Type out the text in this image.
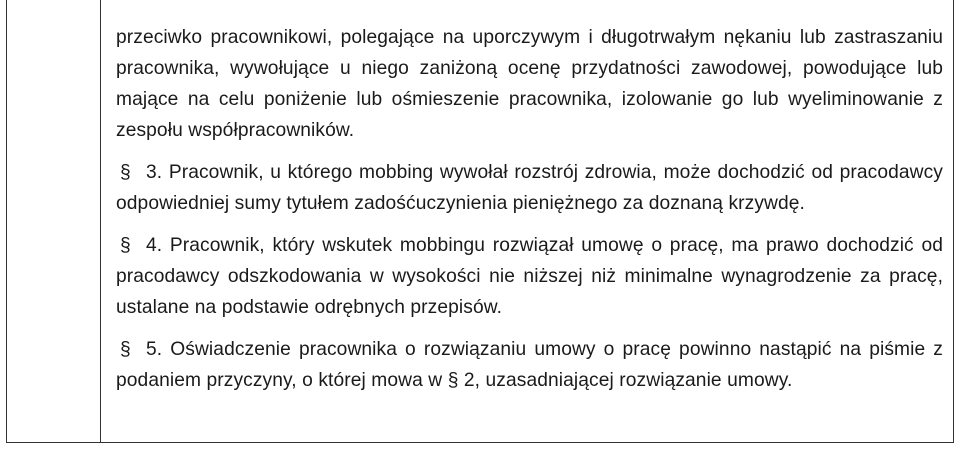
przeciwko pracownikowi, polegające na uporczywym i długotrwałym nękaniu lub zastraszaniu pracownika, wywołujące u niego zaniżoną ocenę przydatności zawodowej, powodujące lub mające na celu poniżenie lub ośmieszenie pracownika, izolowanie go lub wyeliminowanie z zespołu współpracowników.

§ 3. Pracownik, u którego mobbing wywołał rozstrój zdrowia, może dochodzić od pracodawcy odpowiedniej sumy tytułem zadośćuczynienia pieniężnego za doznaną krzywdę.

§ 4. Pracownik, który wskutek mobbingu rozwiązał umowę o pracę, ma prawo dochodzić od pracodawcy odszkodowania w wysokości nie niższej niż minimalne wynagrodzenie za pracę, ustalane na podstawie odrębnych przepisów.

§ 5. Oświadczenie pracownika o rozwiązaniu umowy o pracę powinno nastąpić na piśmie z podaniem przyczyny, o której mowa w § 2, uzasadniającej rozwiązanie umowy.
